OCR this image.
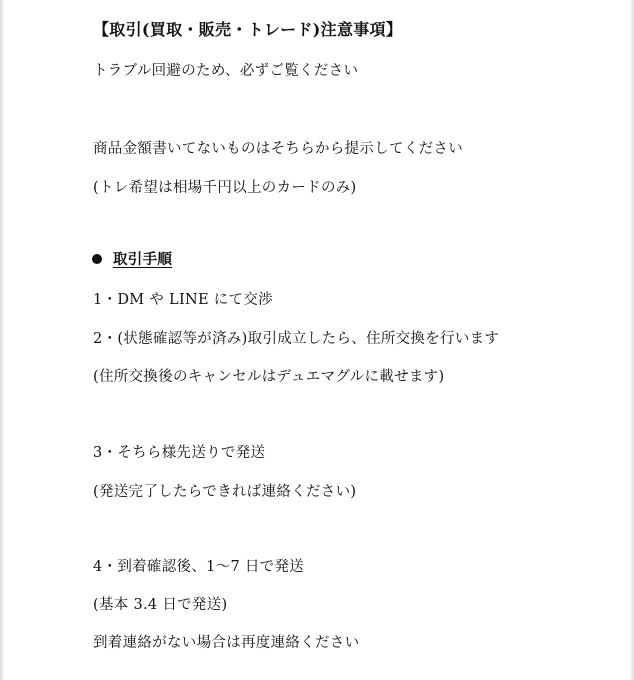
【取引(買取・販売・トレード)注意事項】
トラブル回避のため、必ずご覧ください
商品金額書いてないものはそちらから提示してください
(トレ希望は相場千円以上のカードのみ)
取引手順
1・DM や LINE にて交渉
2・(状態確認等が済み)取引成立したら、住所交換を行います
(住所交換後のキャンセルはデュエマグルに載せます)
3・そちら様先送りで発送
(発送完了したらできれば連絡ください)
4・到着確認後、1〜7 日で発送
(基本 3.4 日で発送)
到着連絡がない場合は再度連絡ください
